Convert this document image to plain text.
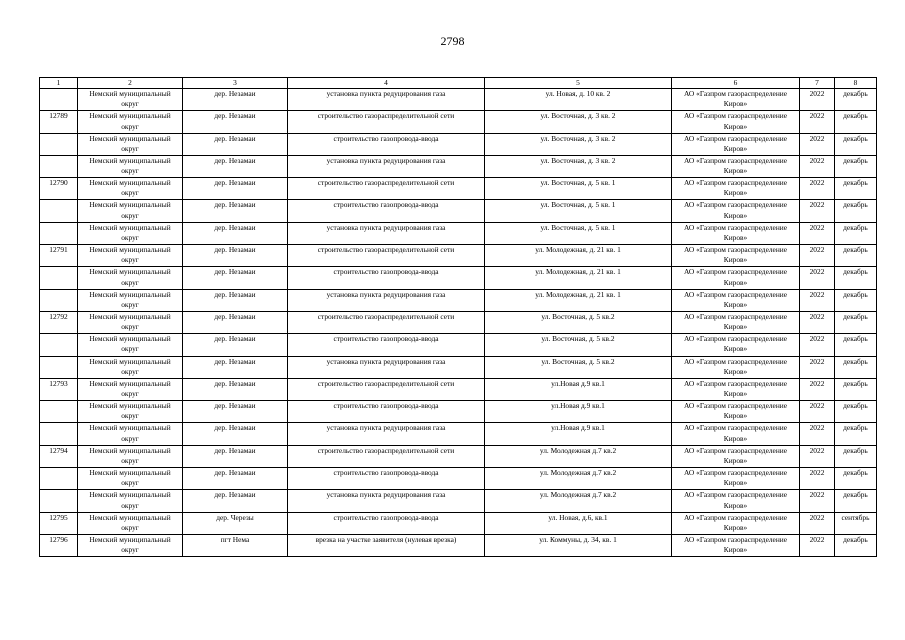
2798
1	2	3	4	5	6	7	8
	Немский муниципальный округ	дер. Незамаи	установка пункта редуцирования газа	ул. Новая, д. 10 кв. 2	АО «Газпром газораспределение Киров»	2022	декабрь
12789	Немский муниципальный округ	дер. Незамаи	строительство газораспределительной сети	ул. Восточная, д. 3 кв. 2	АО «Газпром газораспределение Киров»	2022	декабрь
	Немский муниципальный округ	дер. Незамаи	строительство газопровода-ввода	ул. Восточная, д. 3 кв. 2	АО «Газпром газораспределение Киров»	2022	декабрь
	Немский муниципальный округ	дер. Незамаи	установка пункта редуцирования газа	ул. Восточная, д. 3 кв. 2	АО «Газпром газораспределение Киров»	2022	декабрь
12790	Немский муниципальный округ	дер. Незамаи	строительство газораспределительной сети	ул. Восточная, д. 5 кв. 1	АО «Газпром газораспределение Киров»	2022	декабрь
	Немский муниципальный округ	дер. Незамаи	строительство газопровода-ввода	ул. Восточная, д. 5 кв. 1	АО «Газпром газораспределение Киров»	2022	декабрь
	Немский муниципальный округ	дер. Незамаи	установка пункта редуцирования газа	ул. Восточная, д. 5 кв. 1	АО «Газпром газораспределение Киров»	2022	декабрь
12791	Немский муниципальный округ	дер. Незамаи	строительство газораспределительной сети	ул. Молодежная, д. 21 кв. 1	АО «Газпром газораспределение Киров»	2022	декабрь
	Немский муниципальный округ	дер. Незамаи	строительство газопровода-ввода	ул. Молодежная, д. 21 кв. 1	АО «Газпром газораспределение Киров»	2022	декабрь
	Немский муниципальный округ	дер. Незамаи	установка пункта редуцирования газа	ул. Молодежная, д. 21 кв. 1	АО «Газпром газораспределение Киров»	2022	декабрь
12792	Немский муниципальный округ	дер. Незамаи	строительство газораспределительной сети	ул. Восточная, д. 5 кв.2	АО «Газпром газораспределение Киров»	2022	декабрь
	Немский муниципальный округ	дер. Незамаи	строительство газопровода-ввода	ул. Восточная, д. 5 кв.2	АО «Газпром газораспределение Киров»	2022	декабрь
	Немский муниципальный округ	дер. Незамаи	установка пункта редуцирования газа	ул. Восточная, д. 5 кв.2	АО «Газпром газораспределение Киров»	2022	декабрь
12793	Немский муниципальный округ	дер. Незамаи	строительство газораспределительной сети	ул.Новая д.9 кв.1	АО «Газпром газораспределение Киров»	2022	декабрь
	Немский муниципальный округ	дер. Незамаи	строительство газопровода-ввода	ул.Новая д.9 кв.1	АО «Газпром газораспределение Киров»	2022	декабрь
	Немский муниципальный округ	дер. Незамаи	установка пункта редуцирования газа	ул.Новая д.9 кв.1	АО «Газпром газораспределение Киров»	2022	декабрь
12794	Немский муниципальный округ	дер. Незамаи	строительство газораспределительной сети	ул. Молодежная д.7 кв.2	АО «Газпром газораспределение Киров»	2022	декабрь
	Немский муниципальный округ	дер. Незамаи	строительство газопровода-ввода	ул. Молодежная д.7 кв.2	АО «Газпром газораспределение Киров»	2022	декабрь
	Немский муниципальный округ	дер. Незамаи	установка пункта редуцирования газа	ул. Молодежная д.7 кв.2	АО «Газпром газораспределение Киров»	2022	декабрь
12795	Немский муниципальный округ	дер. Черезы	строительство газопровода-ввода	ул. Новая, д.6, кв.1	АО «Газпром газораспределение Киров»	2022	сентябрь
12796	Немский муниципальный округ	пгт Нема	врезка на участке заявителя (нулевая врезка)	ул. Коммуны, д. 34, кв. 1	АО «Газпром газораспределение Киров»	2022	декабрь
